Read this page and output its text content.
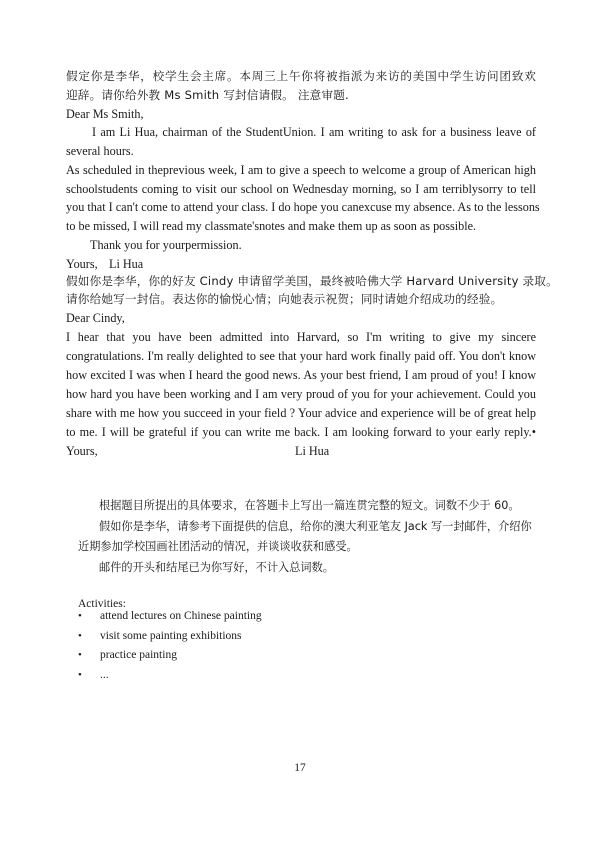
假定你是李华，校学生会主席。本周三上午你将被指派为来访的美国中学生访问团致欢
迎辞。请你给外教 Ms Smith 写封信请假。 注意审题.
Dear Ms Smith,
I am Li Hua, chairman of the StudentUnion. I am writing to ask for a business leave of
several hours.
As scheduled in theprevious week, I am to give a speech to welcome a group of American high
schoolstudents coming to visit our school on Wednesday morning, so I am terriblysorry to tell
you that I can't come to attend your class. I do hope you canexcuse my absence. As to the lessons
to be missed, I will read my classmate'snotes and make them up as soon as possible.
Thank you for yourpermission.
Yours, Li Hua
假如你是李华，你的好友 Cindy 申请留学美国，最终被哈佛大学 Harvard University 录取。
请你给她写一封信。表达你的愉悦心情；向她表示祝贺；同时请她介绍成功的经验。
Dear Cindy,
I hear that you have been admitted into Harvard, so I'm writing to give my sincere
congratulations. I'm really delighted to see that your hard work finally paid off. You don't know
how excited I was when I heard the good news. As your best friend, I am proud of you! I know
how hard you have been working and I am very proud of you for your achievement. Could you
share with me how you succeed in your field ? Your advice and experience will be of great help
to me. I will be grateful if you can write me back. I am looking forward to your early reply.•
Yours,	Li Hua
根据题目所提出的具体要求，在答题卡上写出一篇连贯完整的短文。词数不少于 60。
假如你是李华，请参考下面提供的信息，给你的澳大利亚笔友 Jack 写一封邮件，介绍你
近期参加学校国画社团活动的情况，并谈谈收获和感受。
邮件的开头和结尾已为你写好，不计入总词数。
Activities:
• attend lectures on Chinese painting
• visit some painting exhibitions
• practice painting
• ...
17
